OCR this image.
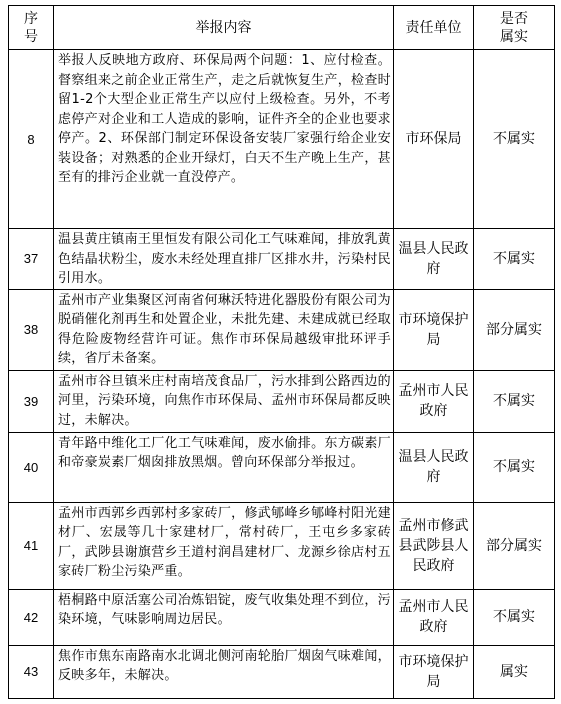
序号	举报内容	责任单位	是否属实
8	举报人反映地方政府、环保局两个问题：1、应付检查。督察组来之前企业正常生产，走之后就恢复生产，检查时留1-2个大型企业正常生产以应付上级检查。另外，不考虑停产对企业和工人造成的影响，证件齐全的企业也要求停产。2、环保部门制定环保设备安装厂家强行给企业安装设备；对熟悉的企业开绿灯，白天不生产晚上生产，甚至有的排污企业就一直没停产。	市环保局	不属实
37	温县黄庄镇南王里恒发有限公司化工气味难闻，排放乳黄色结晶状粉尘，废水未经处理直排厂区排水井，污染村民引用水。	温县人民政府	不属实
38	孟州市产业集聚区河南省何琳沃特进化器股份有限公司为脱硝催化剂再生和处置企业，未批先建、未建成就已经取得危险废物经营许可证。焦作市环保局越级审批环评手续，省厅未备案。	市环境保护局	部分属实
39	孟州市谷旦镇米庄村南培茂食品厂，污水排到公路西边的河里，污染环境，向焦作市环保局、孟州市环保局都反映过，未解决。	孟州市人民政府	不属实
40	青年路中维化工厂化工气味难闻，废水偷排。东方碳素厂和帝豪炭素厂烟囱排放黑烟。曾向环保部分举报过。	温县人民政府	不属实
41	孟州市西郭乡西郭村多家砖厂，修武郇峰乡郇峰村阳光建材厂、宏晟等几十家建材厂，常村砖厂，王屯乡多家砖厂，武陟县谢旗营乡王道村润昌建材厂、龙源乡徐店村五家砖厂粉尘污染严重。	孟州市修武县武陟县人民政府	部分属实
42	梧桐路中原活塞公司冶炼铝锭，废气收集处理不到位，污染环境，气味影响周边居民。	孟州市人民政府	不属实
43	焦作市焦东南路南水北调北侧河南轮胎厂烟囱气味难闻，反映多年，未解决。	市环境保护局	属实
